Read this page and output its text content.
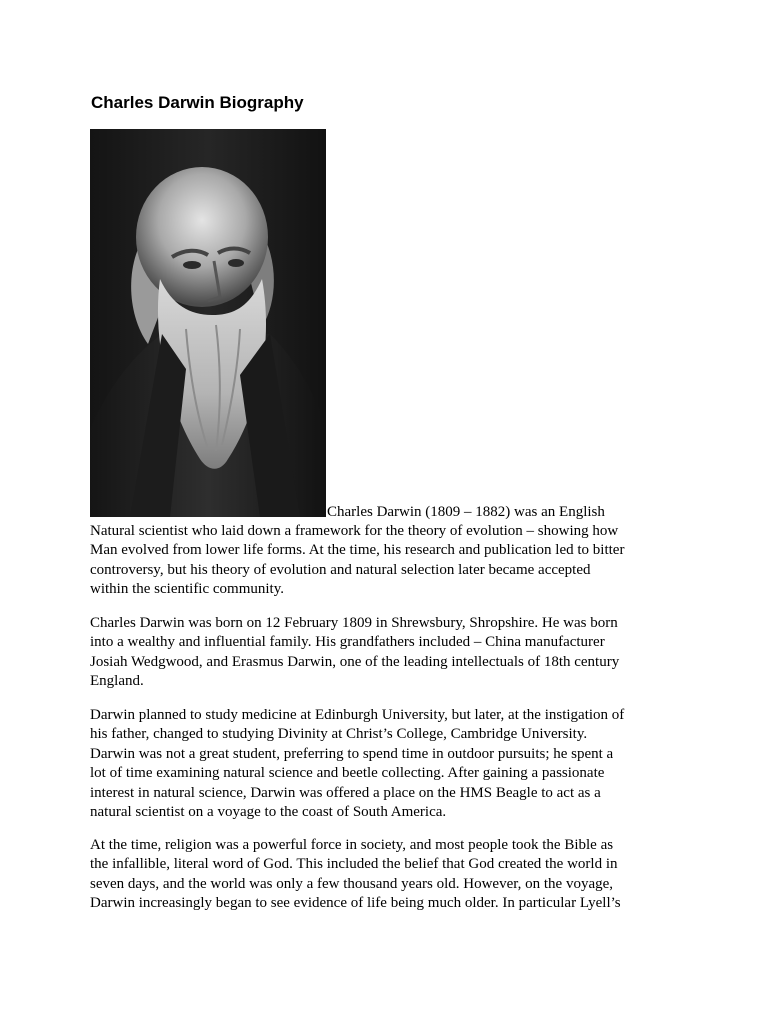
Charles Darwin Biography

Charles Darwin (1809 – 1882) was an English

Natural scientist who laid down a framework for the theory of evolution – showing how
Man evolved from lower life forms. At the time, his research and publication led to bitter
controversy, but his theory of evolution and natural selection later became accepted
within the scientific community.

Charles Darwin was born on 12 February 1809 in Shrewsbury, Shropshire. He was born
into a wealthy and influential family. His grandfathers included – China manufacturer
Josiah Wedgwood, and Erasmus Darwin, one of the leading intellectuals of 18th century
England.

Darwin planned to study medicine at Edinburgh University, but later, at the instigation of
his father, changed to studying Divinity at Christ’s College, Cambridge University.
Darwin was not a great student, preferring to spend time in outdoor pursuits; he spent a
lot of time examining natural science and beetle collecting. After gaining a passionate
interest in natural science, Darwin was offered a place on the HMS Beagle to act as a
natural scientist on a voyage to the coast of South America.

At the time, religion was a powerful force in society, and most people took the Bible as
the infallible, literal word of God. This included the belief that God created the world in
seven days, and the world was only a few thousand years old. However, on the voyage,
Darwin increasingly began to see evidence of life being much older. In particular Lyell’s
